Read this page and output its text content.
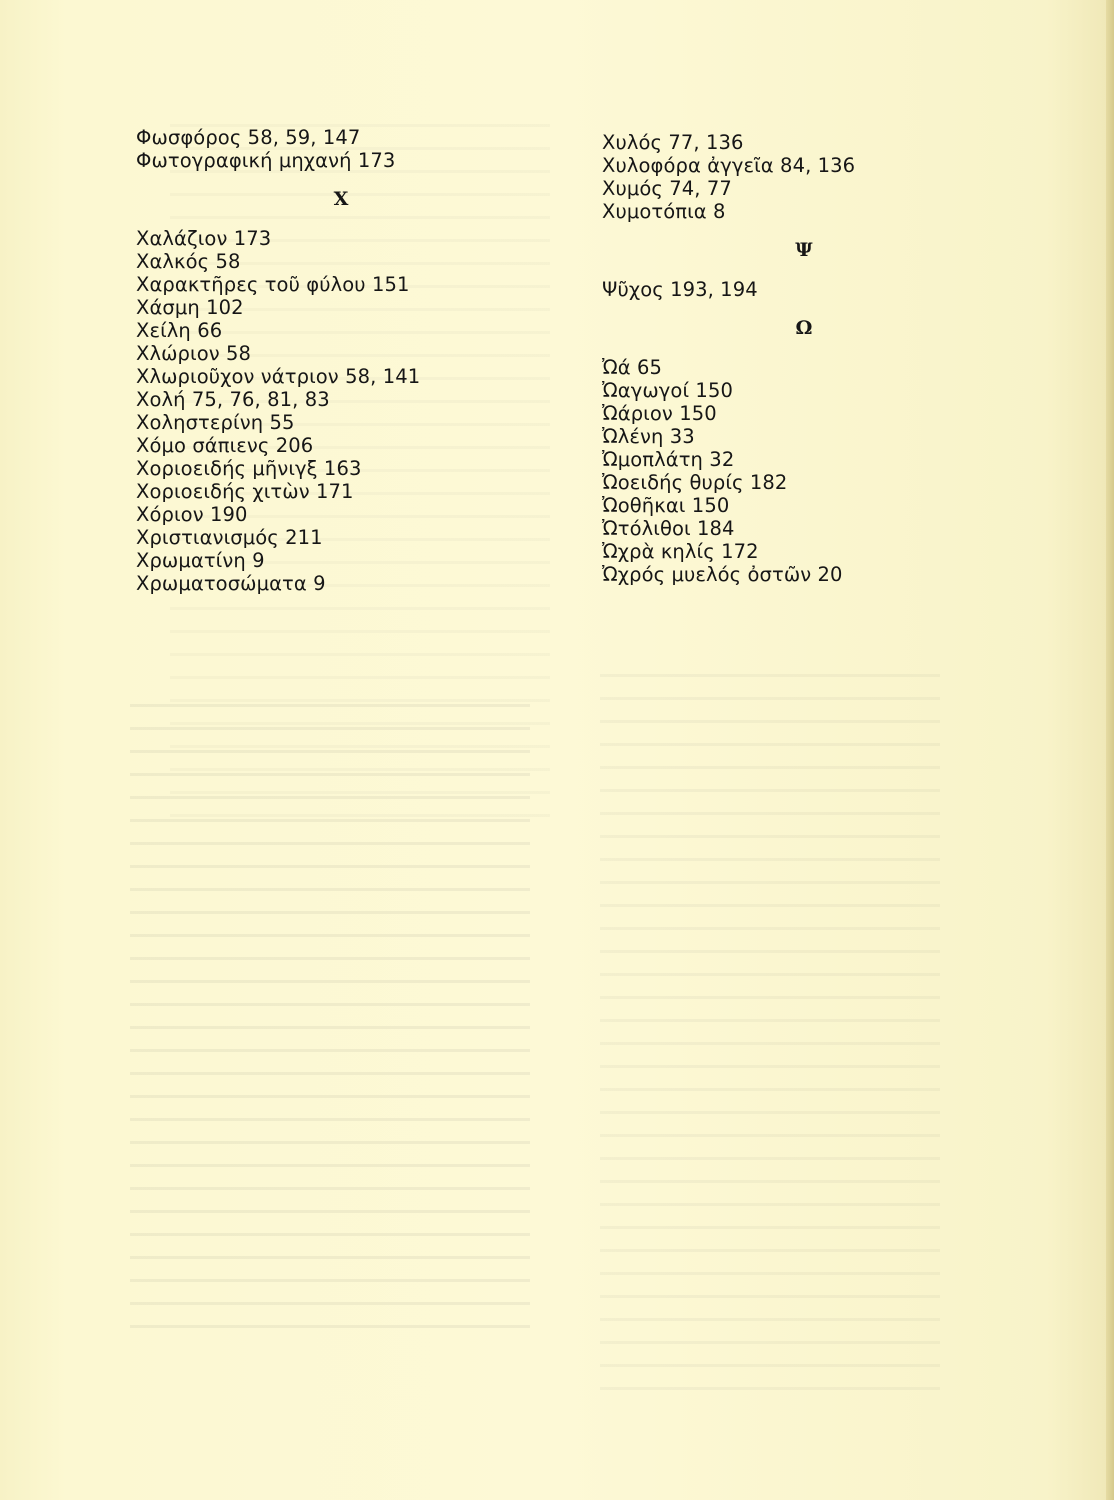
Φωσφόρος 58, 59, 147
Φωτογραφική μηχανή 173
Χ
Χαλάζιον 173
Χαλκός 58
Χαρακτῆρες τοῦ φύλου 151
Χάσμη 102
Χείλη 66
Χλώριον 58
Χλωριοῦχον νάτριον 58, 141
Χολή 75, 76, 81, 83
Χοληστερίνη 55
Χόμο σάπιενς 206
Χοριοειδής μῆνιγξ 163
Χοριοειδής χιτὼν 171
Χόριον 190
Χριστιανισμός 211
Χρωματίνη 9
Χρωματοσώματα 9
Χυλός 77, 136
Χυλοφόρα ἀγγεῖα 84, 136
Χυμός 74, 77
Χυμοτόπια 8
Ψ
Ψῦχος 193, 194
Ω
Ὠά 65
Ὠαγωγοί 150
Ὠάριον 150
Ὠλένη 33
Ὠμοπλάτη 32
Ὠοειδής θυρίς 182
Ὠοθῆκαι 150
Ὠτόλιθοι 184
Ὠχρὰ κηλίς 172
Ὠχρός μυελός ὀστῶν 20
